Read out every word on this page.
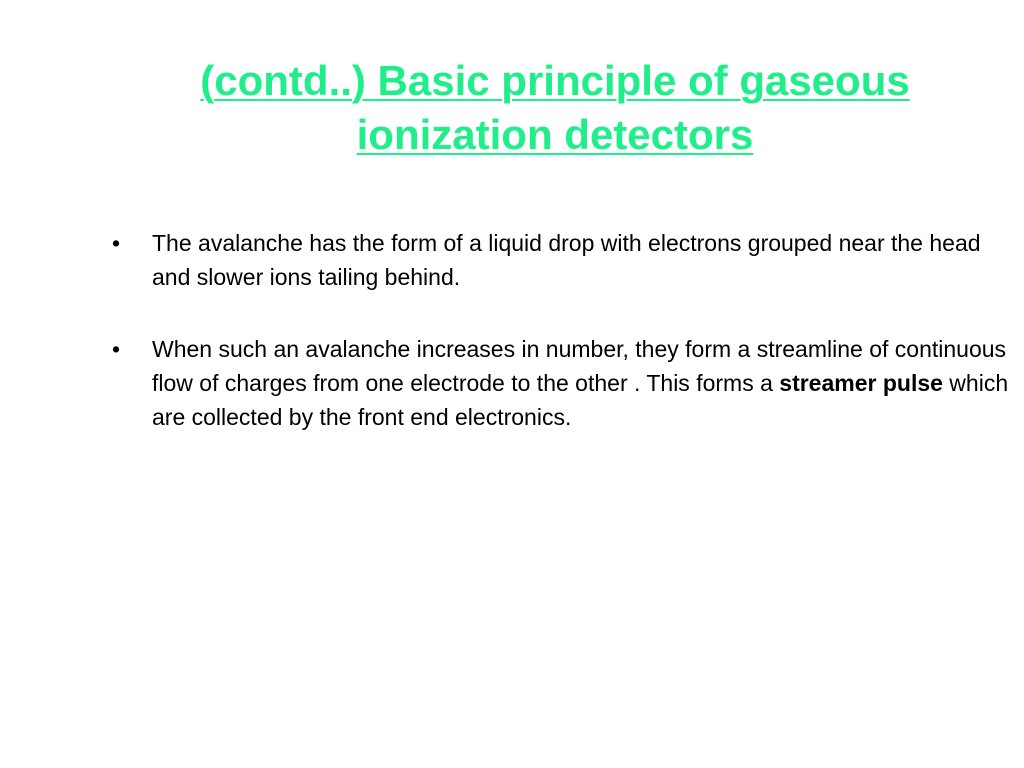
(contd..) Basic principle of gaseous
ionization detectors
•	The avalanche has the form of a liquid drop with electrons grouped near the head and slower ions tailing behind.
•	When such an avalanche increases in number, they form a streamline of continuous flow of charges from one electrode to the other . This forms a streamer pulse which are collected by the front end electronics.
